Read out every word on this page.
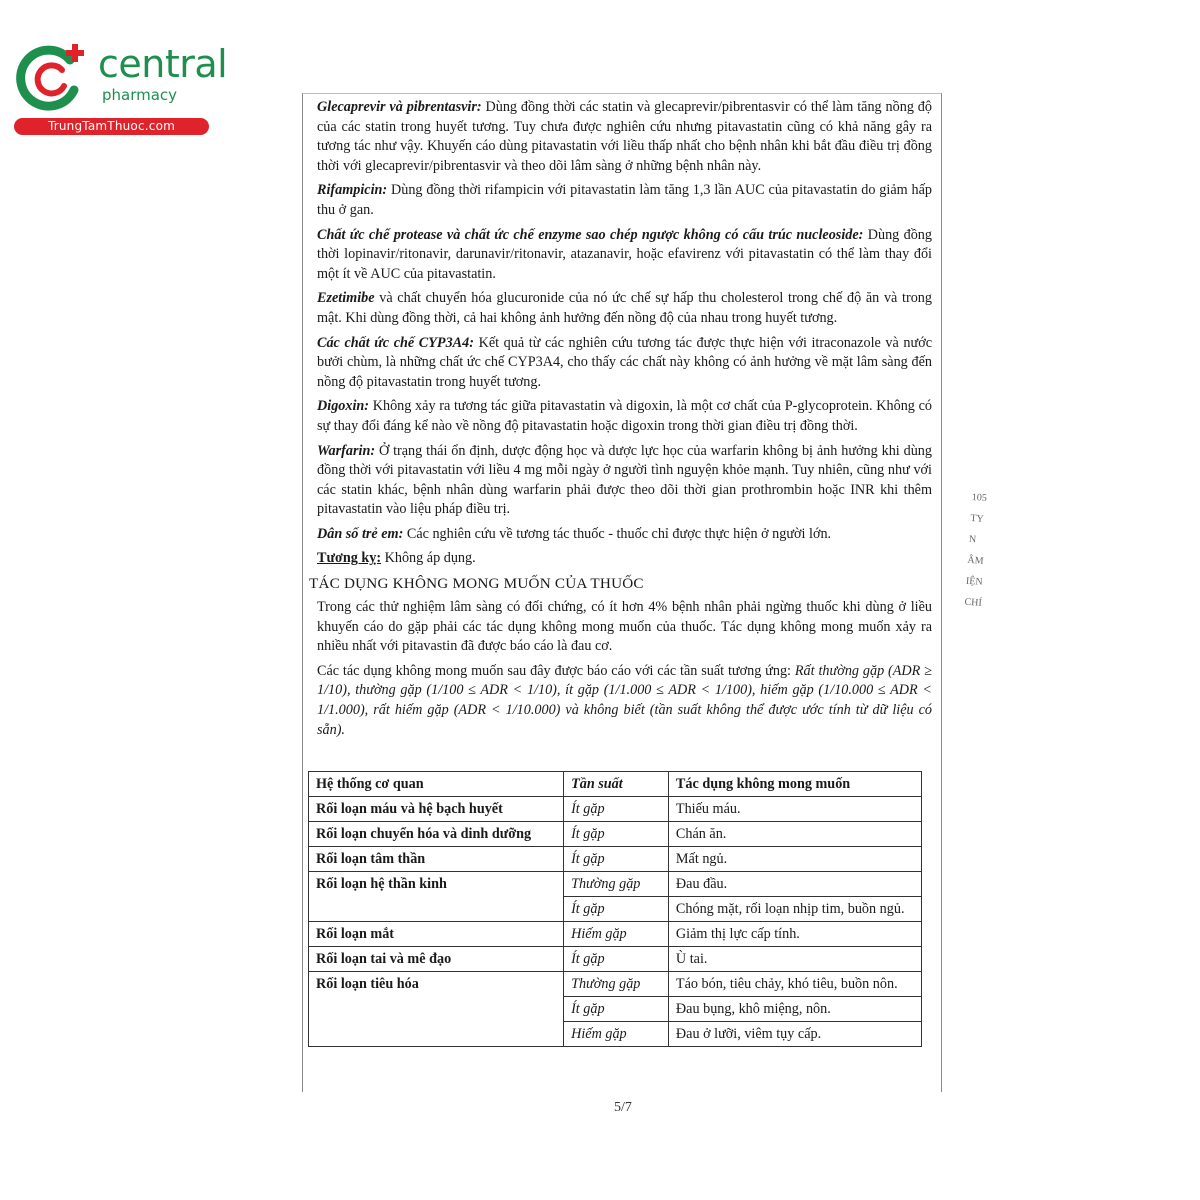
central
pharmacy
TrungTamThuoc.com

Glecaprevir và pibrentasvir: Dùng đồng thời các statin và glecaprevir/pibrentasvir có thể làm tăng nồng độ của các statin trong huyết tương. Tuy chưa được nghiên cứu nhưng pitavastatin cũng có khả năng gây ra tương tác như vậy. Khuyến cáo dùng pitavastatin với liều thấp nhất cho bệnh nhân khi bắt đầu điều trị đồng thời với glecaprevir/pibrentasvir và theo dõi lâm sàng ở những bệnh nhân này.

Rifampicin: Dùng đồng thời rifampicin với pitavastatin làm tăng 1,3 lần AUC của pitavastatin do giảm hấp thu ở gan.

Chất ức chế protease và chất ức chế enzyme sao chép ngược không có cấu trúc nucleoside: Dùng đồng thời lopinavir/ritonavir, darunavir/ritonavir, atazanavir, hoặc efavirenz với pitavastatin có thể làm thay đổi một ít về AUC của pitavastatin.

Ezetimibe và chất chuyển hóa glucuronide của nó ức chế sự hấp thu cholesterol trong chế độ ăn và trong mật. Khi dùng đồng thời, cả hai không ảnh hưởng đến nồng độ của nhau trong huyết tương.

Các chất ức chế CYP3A4: Kết quả từ các nghiên cứu tương tác được thực hiện với itraconazole và nước bưởi chùm, là những chất ức chế CYP3A4, cho thấy các chất này không có ảnh hưởng về mặt lâm sàng đến nồng độ pitavastatin trong huyết tương.

Digoxin: Không xảy ra tương tác giữa pitavastatin và digoxin, là một cơ chất của P-glycoprotein. Không có sự thay đổi đáng kể nào về nồng độ pitavastatin hoặc digoxin trong thời gian điều trị đồng thời.

Warfarin: Ở trạng thái ổn định, dược động học và dược lực học của warfarin không bị ảnh hưởng khi dùng đồng thời với pitavastatin với liều 4 mg mỗi ngày ở người tình nguyện khỏe mạnh. Tuy nhiên, cũng như với các statin khác, bệnh nhân dùng warfarin phải được theo dõi thời gian prothrombin hoặc INR khi thêm pitavastatin vào liệu pháp điều trị.

Dân số trẻ em: Các nghiên cứu về tương tác thuốc - thuốc chỉ được thực hiện ở người lớn.

Tương kỵ: Không áp dụng.

TÁC DỤNG KHÔNG MONG MUỐN CỦA THUỐC

Trong các thử nghiệm lâm sàng có đối chứng, có ít hơn 4% bệnh nhân phải ngừng thuốc khi dùng ở liều khuyến cáo do gặp phải các tác dụng không mong muốn của thuốc. Tác dụng không mong muốn xảy ra nhiều nhất với pitavastin đã được báo cáo là đau cơ.

Các tác dụng không mong muốn sau đây được báo cáo với các tần suất tương ứng: Rất thường gặp (ADR ≥ 1/10), thường gặp (1/100 ≤ ADR < 1/10), ít gặp (1/1.000 ≤ ADR < 1/100), hiếm gặp (1/10.000 ≤ ADR < 1/1.000), rất hiếm gặp (ADR < 1/10.000) và không biết (tần suất không thể được ước tính từ dữ liệu có sẵn).

Hệ thống cơ quan	Tần suất	Tác dụng không mong muốn
Rối loạn máu và hệ bạch huyết	Ít gặp	Thiếu máu.
Rối loạn chuyển hóa và dinh dưỡng	Ít gặp	Chán ăn.
Rối loạn tâm thần	Ít gặp	Mất ngủ.
Rối loạn hệ thần kinh	Thường gặp	Đau đầu.
	Ít gặp	Chóng mặt, rối loạn nhịp tim, buồn ngủ.
Rối loạn mắt	Hiếm gặp	Giảm thị lực cấp tính.
Rối loạn tai và mê đạo	Ít gặp	Ù tai.
Rối loạn tiêu hóa	Thường gặp	Táo bón, tiêu chảy, khó tiêu, buồn nôn.
	Ít gặp	Đau bụng, khô miệng, nôn.
	Hiếm gặp	Đau ở lưỡi, viêm tụy cấp.
5/7
105
TY
N
ÂM
IỆN
CHÍ
